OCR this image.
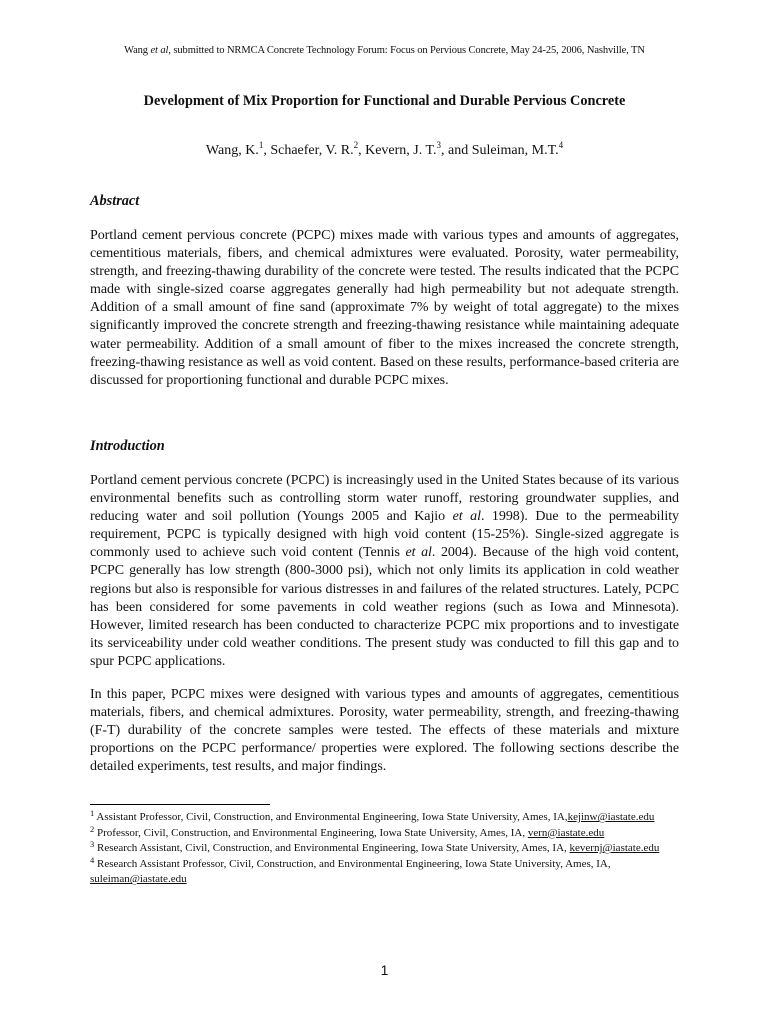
Wang et al, submitted to NRMCA Concrete Technology Forum: Focus on Pervious Concrete, May 24-25, 2006, Nashville, TN
Development of Mix Proportion for Functional and Durable Pervious Concrete
Wang, K.$^1$, Schaefer, V. R.$^2$, Kevern, J. T.$^3$, and Suleiman, M.T.$^4$
Abstract

Portland cement pervious concrete (PCPC) mixes made with various types and amounts of aggregates, cementitious materials, fibers, and chemical admixtures were evaluated. Porosity, water permeability, strength, and freezing-thawing durability of the concrete were tested. The results indicated that the PCPC made with single-sized coarse aggregates generally had high permeability but not adequate strength. Addition of a small amount of fine sand (approximate 7% by weight of total aggregate) to the mixes significantly improved the concrete strength and freezing-thawing resistance while maintaining adequate water permeability. Addition of a small amount of fiber to the mixes increased the concrete strength, freezing-thawing resistance as well as void content. Based on these results, performance-based criteria are discussed for proportioning functional and durable PCPC mixes.

Introduction

Portland cement pervious concrete (PCPC) is increasingly used in the United States because of its various environmental benefits such as controlling storm water runoff, restoring groundwater supplies, and reducing water and soil pollution (Youngs 2005 and Kajio et al. 1998). Due to the permeability requirement, PCPC is typically designed with high void content (15-25%). Single-sized aggregate is commonly used to achieve such void content (Tennis et al. 2004). Because of the high void content, PCPC generally has low strength (800-3000 psi), which not only limits its application in cold weather regions but also is responsible for various distresses in and failures of the related structures. Lately, PCPC has been considered for some pavements in cold weather regions (such as Iowa and Minnesota). However, limited research has been conducted to characterize PCPC mix proportions and to investigate its serviceability under cold weather conditions. The present study was conducted to fill this gap and to spur PCPC applications.

In this paper, PCPC mixes were designed with various types and amounts of aggregates, cementitious materials, fibers, and chemical admixtures. Porosity, water permeability, strength, and freezing-thawing (F-T) durability of the concrete samples were tested. The effects of these materials and mixture proportions on the PCPC performance/ properties were explored. The following sections describe the detailed experiments, test results, and major findings.

$^1$ Assistant Professor, Civil, Construction, and Environmental Engineering, Iowa State University, Ames, IA,kejinw@iastate.edu
$^2$ Professor, Civil, Construction, and Environmental Engineering, Iowa State University, Ames, IA, vern@iastate.edu
$^3$ Research Assistant, Civil, Construction, and Environmental Engineering, Iowa State University, Ames, IA, kevernj@iastate.edu
$^4$ Research Assistant Professor, Civil, Construction, and Environmental Engineering, Iowa State University, Ames, IA, suleiman@iastate.edu
1
